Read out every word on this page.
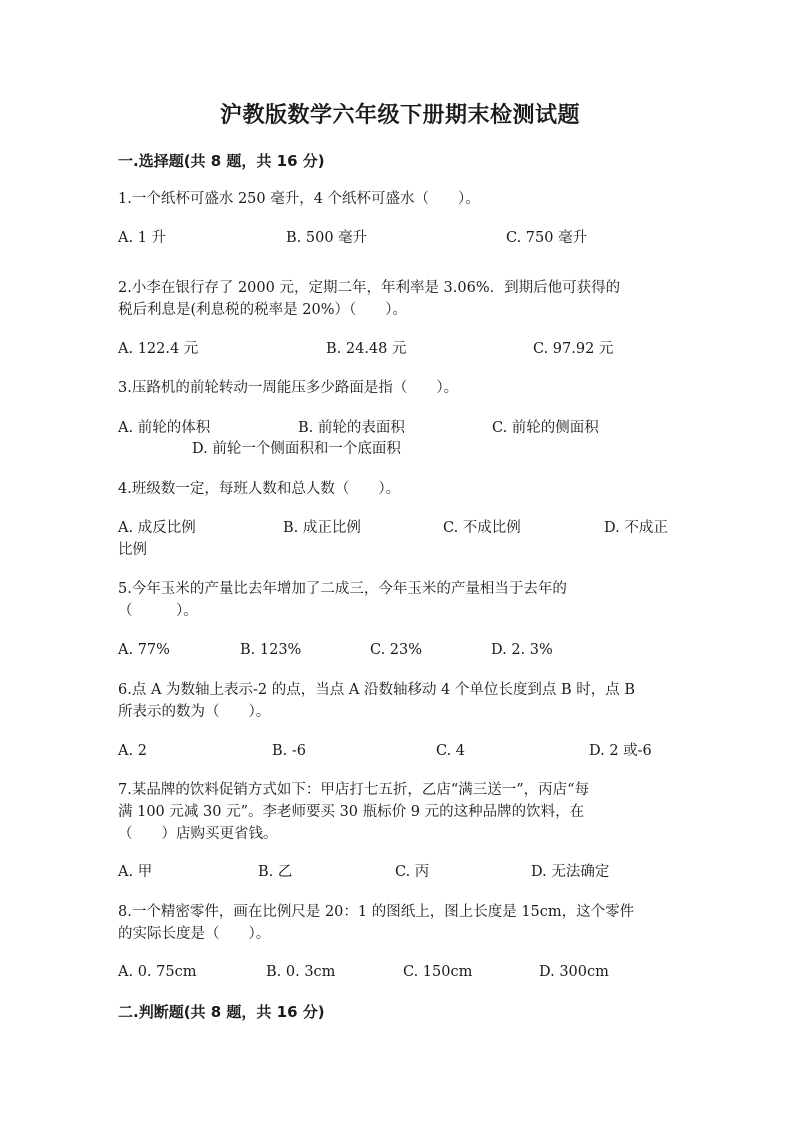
沪教版数学六年级下册期末检测试题
一.选择题(共 8 题，共 16 分)
1.一个纸杯可盛水 250 毫升，4 个纸杯可盛水（　　）。
A. 1 升	B. 500 毫升	C. 750 毫升
2.小李在银行存了 2000 元，定期二年，年利率是 3.06%．到期后他可获得的
税后利息是(利息税的税率是 20%）（　　）。
A. 122.4 元	B. 24.48 元	C. 97.92 元
3.压路机的前轮转动一周能压多少路面是指（　　）。
A. 前轮的体积	B. 前轮的表面积	C. 前轮的侧面积
D. 前轮一个侧面积和一个底面积
4.班级数一定，每班人数和总人数（　　）。
A. 成反比例	B. 成正比例	C. 不成比例	D. 不成正
比例
5.今年玉米的产量比去年增加了二成三，今年玉米的产量相当于去年的
（　　　）。
A. 77%	B. 123%	C. 23%	D. 2. 3%
6.点 A 为数轴上表示-2 的点，当点 A 沿数轴移动 4 个单位长度到点 B 时，点 B
所表示的数为（　　）。
A. 2	B. -6	C. 4	D. 2 或-6
7.某品牌的饮料促销方式如下：甲店打七五折，乙店“满三送一”，丙店“每
满 100 元减 30 元”。李老师要买 30 瓶标价 9 元的这种品牌的饮料，在
（　　）店购买更省钱。
A. 甲	B. 乙	C. 丙	D. 无法确定
8.一个精密零件，画在比例尺是 20：1 的图纸上，图上长度是 15cm，这个零件
的实际长度是（　　）。
A. 0. 75cm	B. 0. 3cm	C. 150cm	D. 300cm
二.判断题(共 8 题，共 16 分)
